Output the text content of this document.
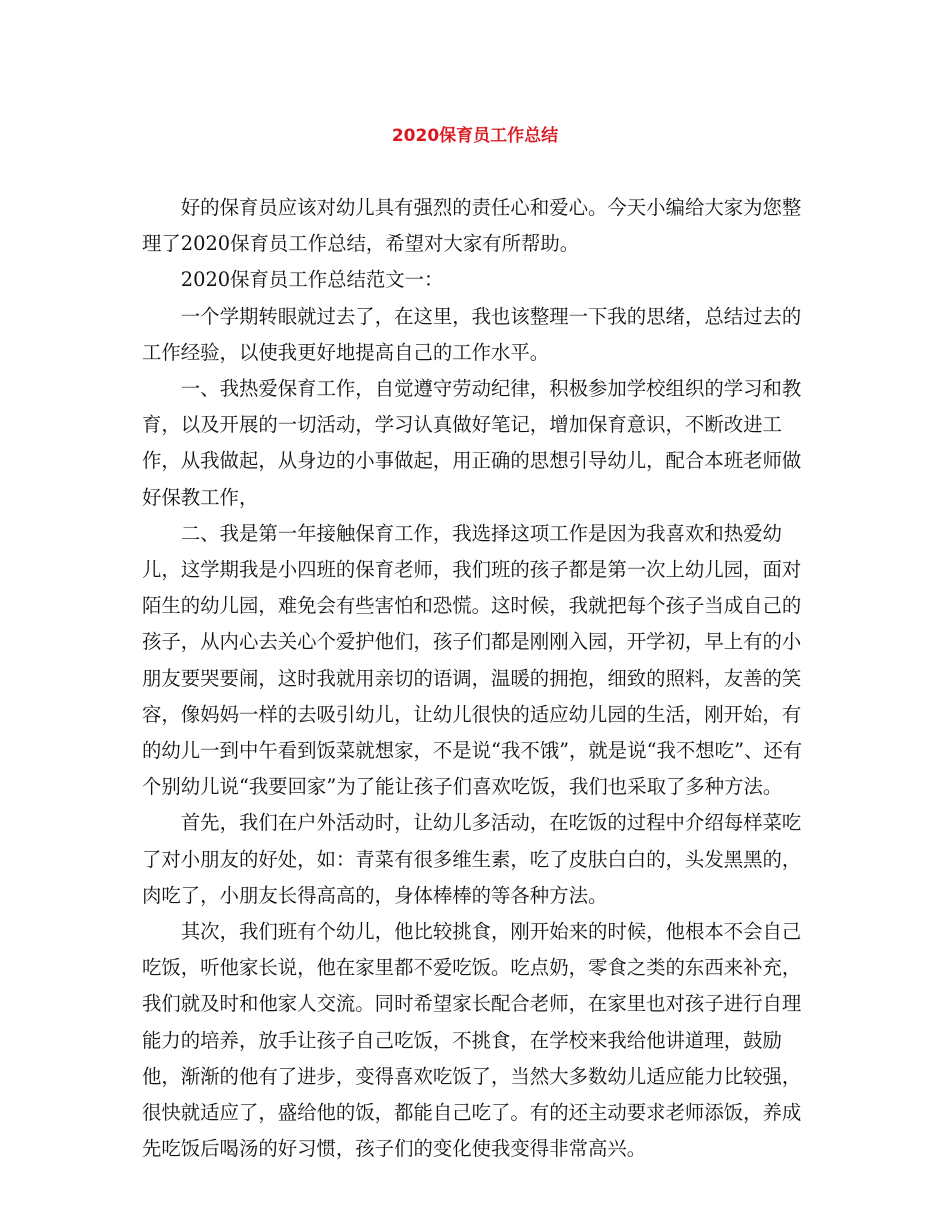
2020保育员工作总结

好的保育员应该对幼儿具有强烈的责任心和爱心。今天小编给大家为您整理了2020保育员工作总结，希望对大家有所帮助。

2020保育员工作总结范文一：

一个学期转眼就过去了，在这里，我也该整理一下我的思绪，总结过去的工作经验，以使我更好地提高自己的工作水平。

一、我热爱保育工作，自觉遵守劳动纪律，积极参加学校组织的学习和教育，以及开展的一切活动，学习认真做好笔记，增加保育意识，不断改进工作，从我做起，从身边的小事做起，用正确的思想引导幼儿，配合本班老师做好保教工作，

二、我是第一年接触保育工作，我选择这项工作是因为我喜欢和热爱幼儿，这学期我是小四班的保育老师，我们班的孩子都是第一次上幼儿园，面对陌生的幼儿园，难免会有些害怕和恐慌。这时候，我就把每个孩子当成自己的孩子，从内心去关心个爱护他们，孩子们都是刚刚入园，开学初，早上有的小朋友要哭要闹，这时我就用亲切的语调，温暖的拥抱，细致的照料，友善的笑容，像妈妈一样的去吸引幼儿，让幼儿很快的适应幼儿园的生活，刚开始，有的幼儿一到中午看到饭菜就想家，不是说“我不饿”，就是说“我不想吃”、还有个别幼儿说“我要回家”为了能让孩子们喜欢吃饭，我们也采取了多种方法。

首先，我们在户外活动时，让幼儿多活动，在吃饭的过程中介绍每样菜吃了对小朋友的好处，如：青菜有很多维生素，吃了皮肤白白的，头发黑黑的，肉吃了，小朋友长得高高的，身体棒棒的等各种方法。

其次，我们班有个幼儿，他比较挑食，刚开始来的时候，他根本不会自己吃饭，听他家长说，他在家里都不爱吃饭。吃点奶，零食之类的东西来补充，我们就及时和他家人交流。同时希望家长配合老师，在家里也对孩子进行自理能力的培养，放手让孩子自己吃饭，不挑食，在学校来我给他讲道理，鼓励他，渐渐的他有了进步，变得喜欢吃饭了，当然大多数幼儿适应能力比较强，很快就适应了，盛给他的饭，都能自己吃了。有的还主动要求老师添饭，养成先吃饭后喝汤的好习惯，孩子们的变化使我变得非常高兴。
